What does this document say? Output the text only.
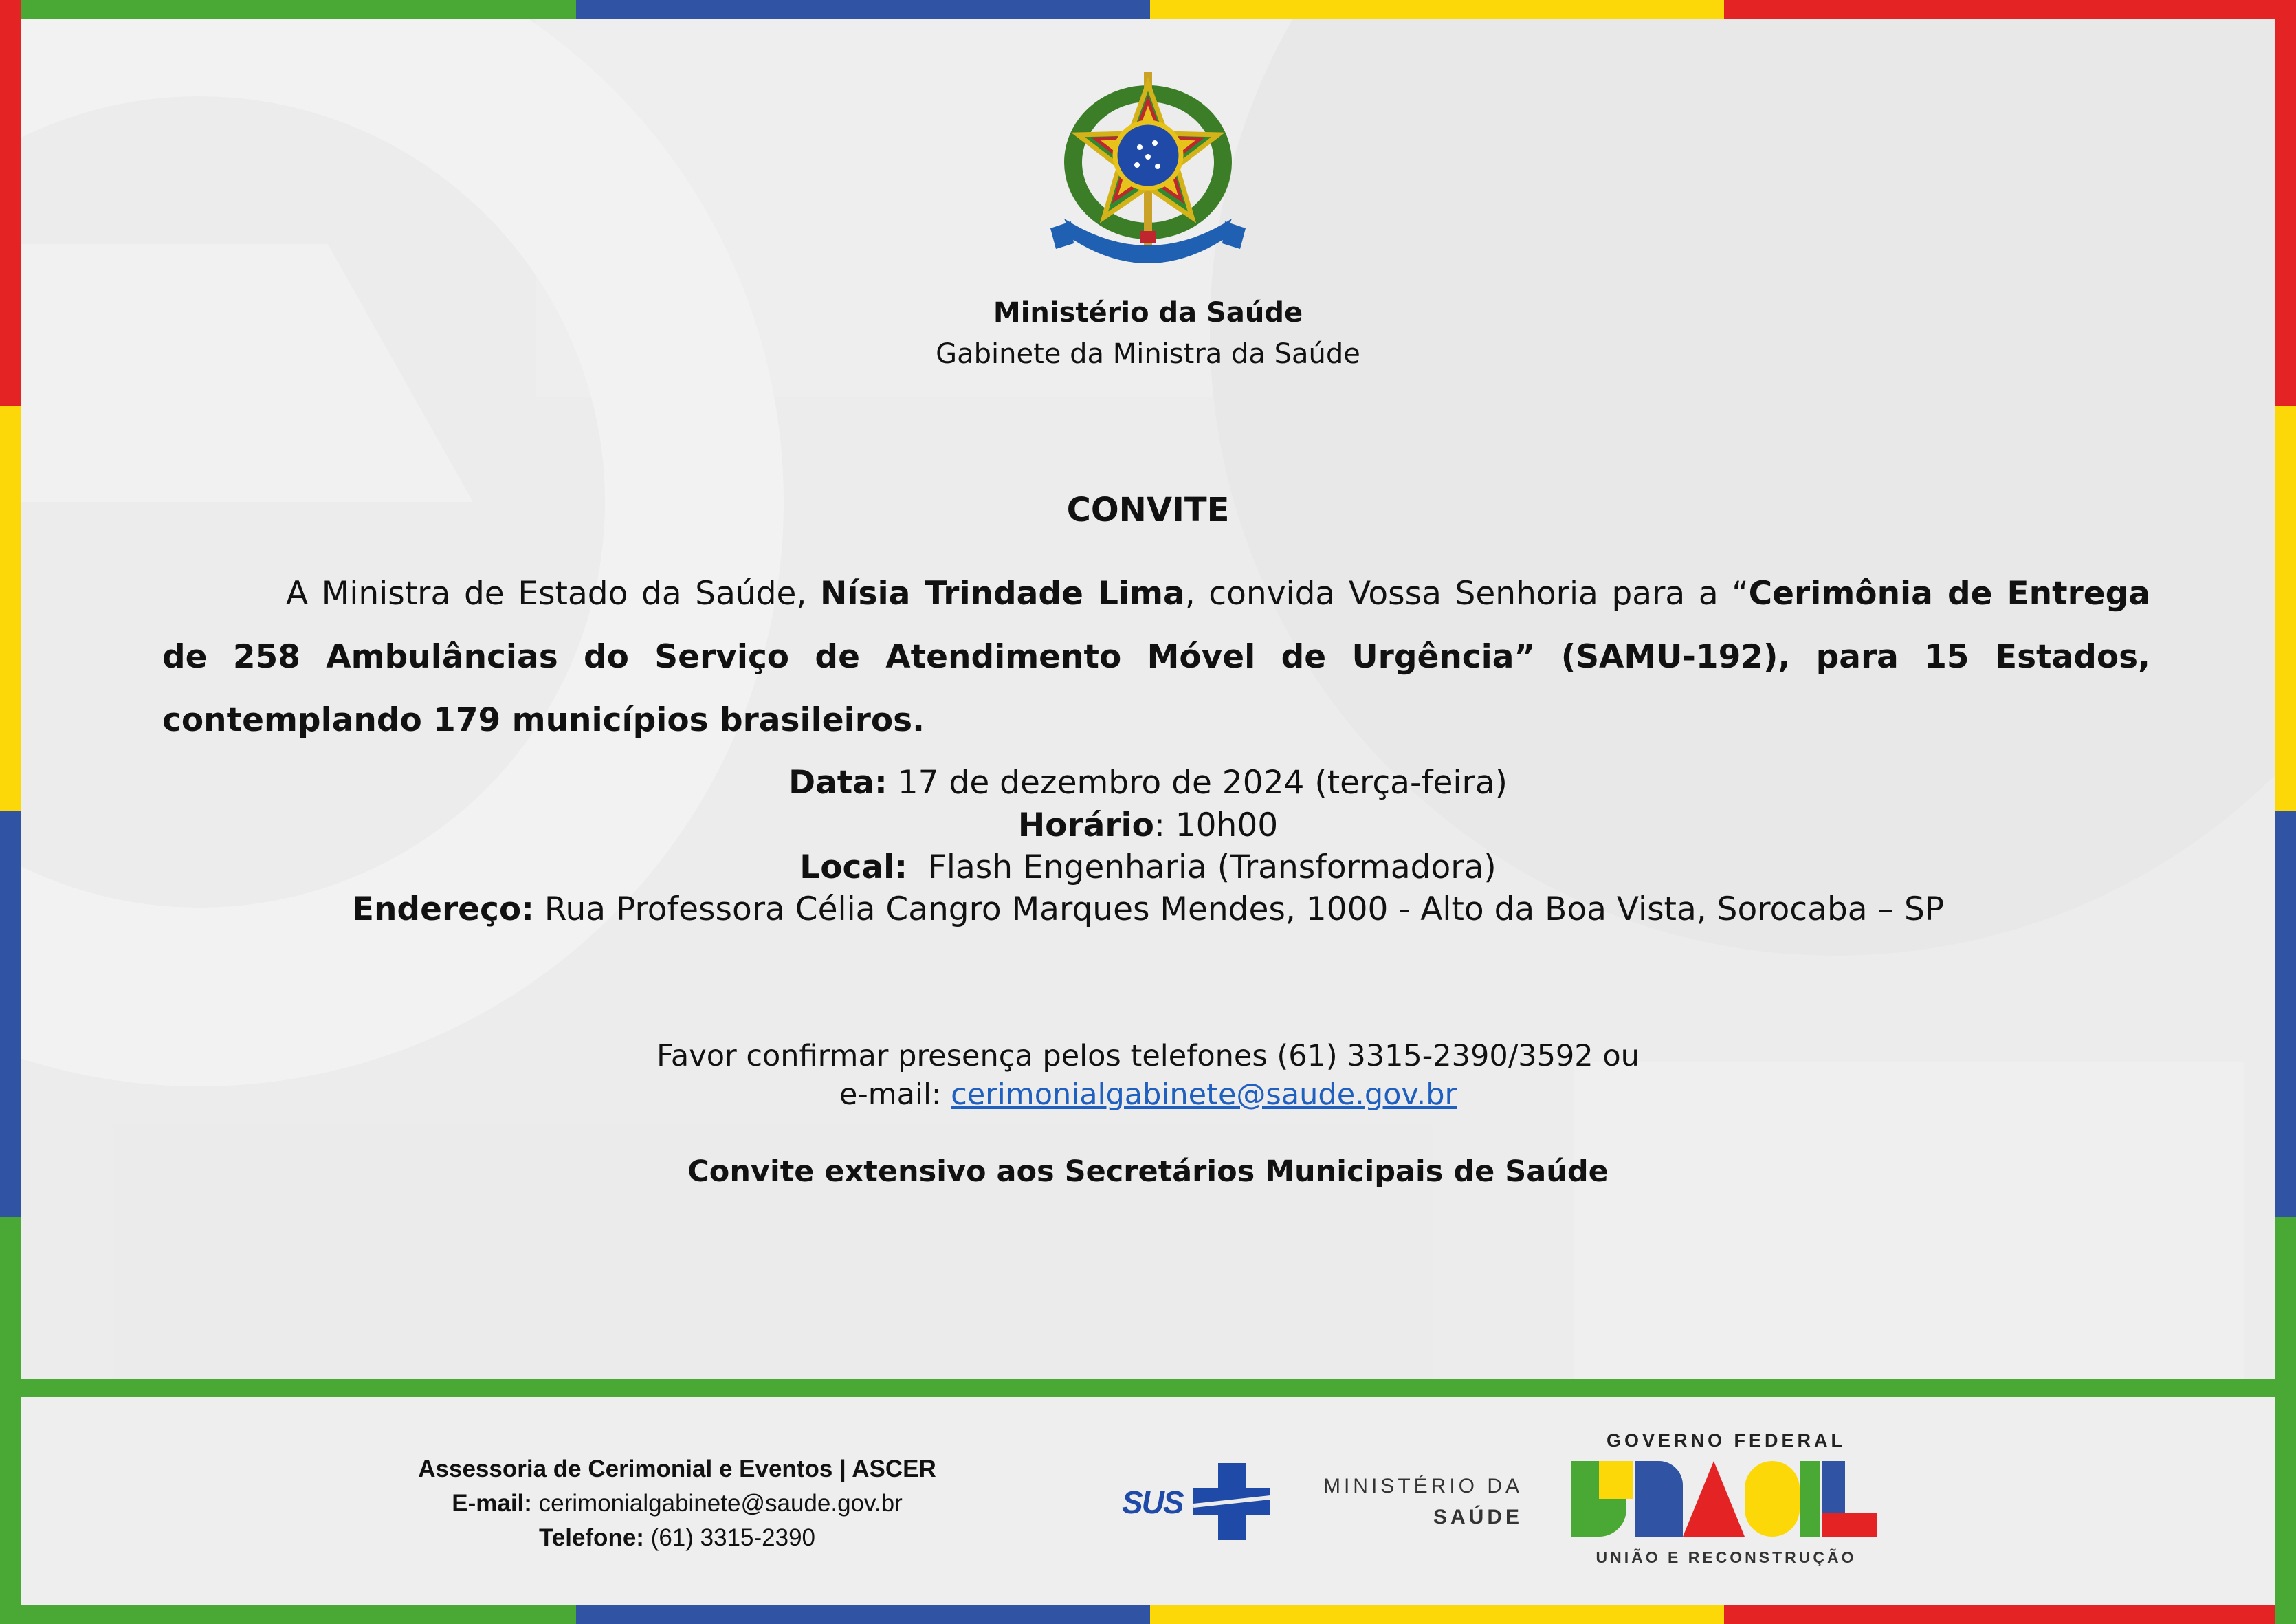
Ministério da Saúde
Gabinete da Ministra da Saúde
CONVITE
A Ministra de Estado da Saúde, Nísia Trindade Lima, convida Vossa Senhoria para a “Cerimônia de Entrega de 258 Ambulâncias do Serviço de Atendimento Móvel de Urgência” (SAMU-192), para 15 Estados, contemplando 179 municípios brasileiros.
Data: 17 de dezembro de 2024 (terça-feira)
Horário: 10h00
Local:  Flash Engenharia (Transformadora)
Endereço: Rua Professora Célia Cangro Marques Mendes, 1000 - Alto da Boa Vista, Sorocaba – SP
Favor confirmar presença pelos telefones (61) 3315-2390/3592 ou
e-mail: cerimonialgabinete@saude.gov.br
Convite extensivo aos Secretários Municipais de Saúde
Assessoria de Cerimonial e Eventos | ASCER
E-mail: cerimonialgabinete@saude.gov.br
Telefone: (61) 3315-2390
SUS	MINISTÉRIO DA
SAÚDE
GOVERNO FEDERAL
UNIÃO E RECONSTRUÇÃO
